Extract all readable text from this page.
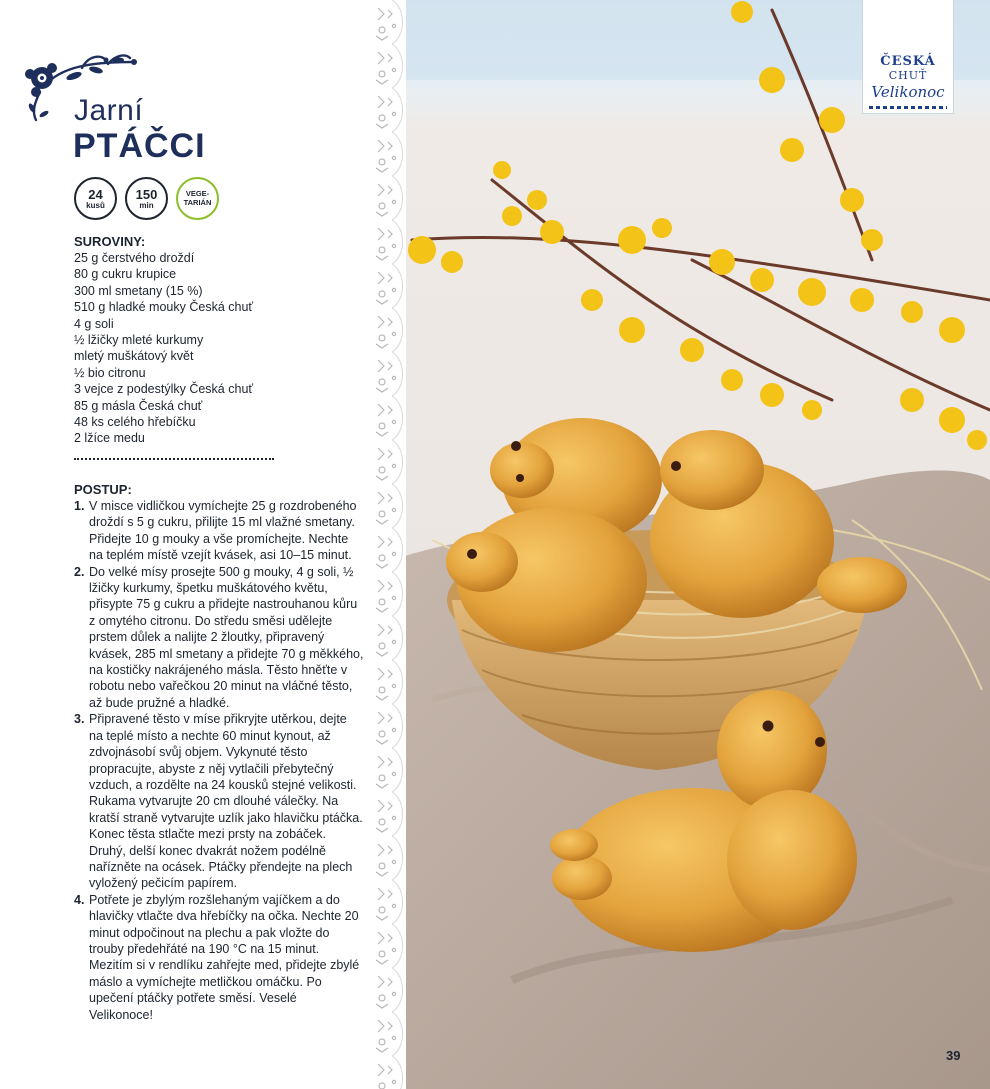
Jarní
PTÁČCI
24
kusů
150
min
VEGE-
TARIÁN
SUROVINY:
25 g čerstvého droždí
80 g cukru krupice
300 ml smetany (15 %)
510 g hladké mouky Česká chuť
4 g soli
½ lžičky mleté kurkumy
mletý muškátový květ
½ bio citronu
3 vejce z podestýlky Česká chuť
85 g másla Česká chuť
48 ks celého hřebíčku
2 lžíce medu
POSTUP:
1. V misce vidličkou vymíchejte 25 g rozdrobeného droždí s 5 g cukru, přilijte 15 ml vlažné smetany. Přidejte 10 g mouky a vše promíchejte. Nechte na teplém místě vzejít kvásek, asi 10–15 minut.
2. Do velké mísy prosejte 500 g mouky, 4 g soli, ½ lžičky kurkumy, špetku muškátového květu, přisypte 75 g cukru a přidejte nastrouhanou kůru z omytého citronu. Do středu směsi udělejte prstem důlek a nalijte 2 žloutky, připravený kvásek, 285 ml smetany a přidejte 70 g měkkého, na kostičky nakrájeného másla. Těsto hněťte v robotu nebo vařečkou 20 minut na vláčné těsto, až bude pružné a hladké.
3. Připravené těsto v míse přikryjte utěrkou, dejte na teplé místo a nechte 60 minut kynout, až zdvojnásobí svůj objem. Vykynuté těsto propracujte, abyste z něj vytlačili přebytečný vzduch, a rozdělte na 24 kousků stejné velikosti. Rukama vytvarujte 20 cm dlouhé válečky. Na kratší straně vytvarujte uzlík jako hlavičku ptáčka. Konec těsta stlačte mezi prsty na zobáček. Druhý, delší konec dvakrát nožem podélně nařízněte na ocásek. Ptáčky přendejte na plech vyložený pečicím papírem.
4. Potřete je zbylým rozšlehaným vajíčkem a do hlavičky vtlačte dva hřebíčky na očka. Nechte 20 minut odpočinout na plechu a pak vložte do trouby předehřáté na 190 °C na 15 minut. Mezitím si v rendlíku zahřejte med, přidejte zbylé máslo a vymíchejte metličkou omáčku. Po upečení ptáčky potřete směsí. Veselé Velikonoce!
ČESKÁ
CHUŤ
Velikonoc
39
